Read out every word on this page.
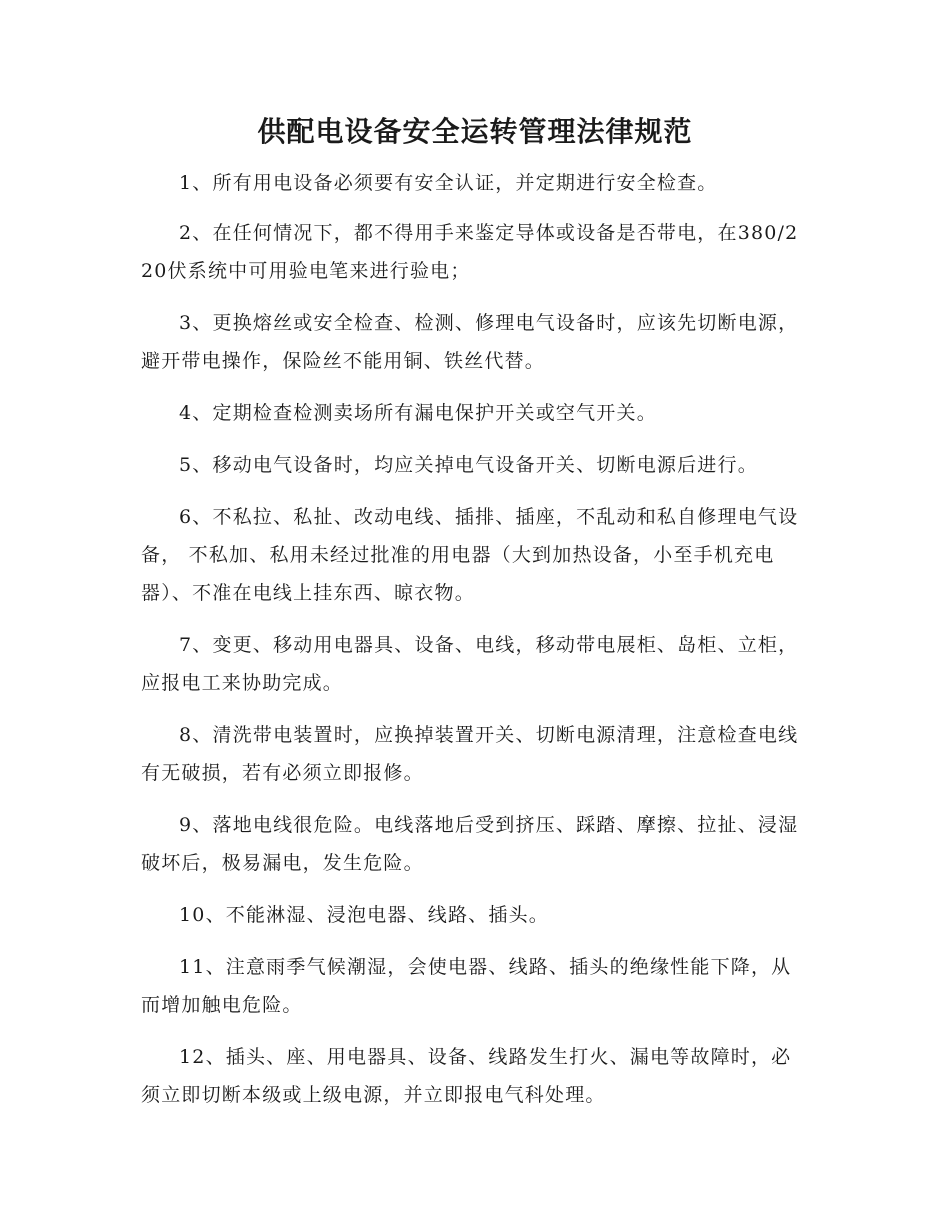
供配电设备安全运转管理法律规范

1、所有用电设备必须要有安全认证，并定期进行安全检查。

2、在任何情况下，都不得用手来鉴定导体或设备是否带电，在380/220伏系统中可用验电笔来进行验电；

3、更换熔丝或安全检查、检测、修理电气设备时，应该先切断电源，避开带电操作，保险丝不能用铜、铁丝代替。

4、定期检查检测卖场所有漏电保护开关或空气开关。

5、移动电气设备时，均应关掉电气设备开关、切断电源后进行。

6、不私拉、私扯、改动电线、插排、插座，不乱动和私自修理电气设备， 不私加、私用未经过批准的用电器（大到加热设备，小至手机充电器）、不准在电线上挂东西、晾衣物。

7、变更、移动用电器具、设备、电线，移动带电展柜、岛柜、立柜，应报电工来协助完成。

8、清洗带电装置时，应换掉装置开关、切断电源清理，注意检查电线有无破损，若有必须立即报修。

9、落地电线很危险。电线落地后受到挤压、踩踏、摩擦、拉扯、浸湿破坏后，极易漏电，发生危险。

10、不能淋湿、浸泡电器、线路、插头。

11、注意雨季气候潮湿，会使电器、线路、插头的绝缘性能下降，从而增加触电危险。

12、插头、座、用电器具、设备、线路发生打火、漏电等故障时，必须立即切断本级或上级电源，并立即报电气科处理。
